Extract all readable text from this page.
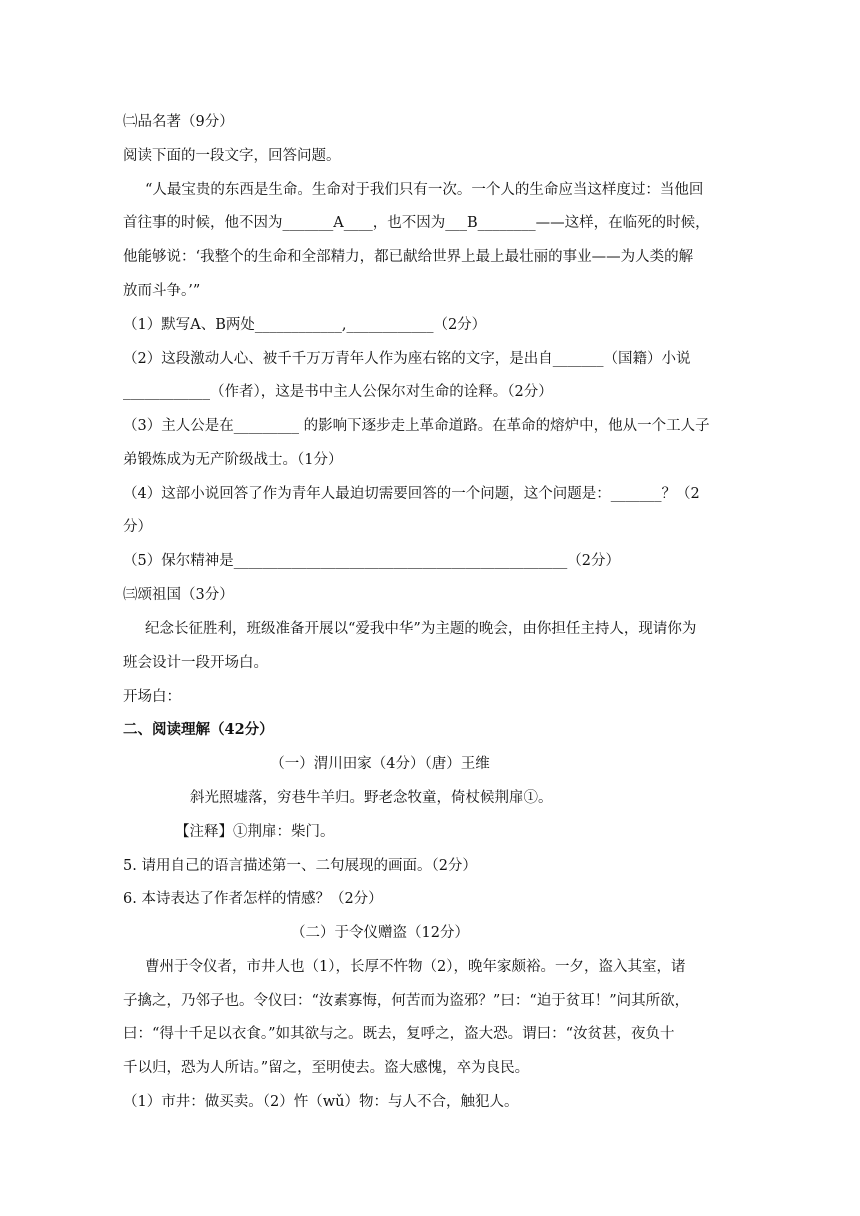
㈡品名著（9分）
阅读下面的一段文字，回答问题。
“人最宝贵的东西是生命。生命对于我们只有一次。一个人的生命应当这样度过：当他回
首往事的时候，他不因为_______A____，也不因为___B________——这样，在临死的时候，
他能够说：‘我整个的生命和全部精力，都已献给世界上最上最壮丽的事业——为人类的解
放而斗争。’”
（1）默写A、B两处____________,____________（2分）
（2）这段激动人心、被千千万万青年人作为座右铭的文字，是出自_______（国籍）小说
____________（作者），这是书中主人公保尔对生命的诠释。（2分）
（3）主人公是在_________ 的影响下逐步走上革命道路。在革命的熔炉中，他从一个工人子
弟锻炼成为无产阶级战士。（1分）
（4）这部小说回答了作为青年人最迫切需要回答的一个问题，这个问题是：_______？（2
分）
（5）保尔精神是______________________________________________（2分）
㈢颂祖国（3分）
纪念长征胜利，班级准备开展以“爱我中华”为主题的晚会，由你担任主持人，现请你为
班会设计一段开场白。
开场白：
二、阅读理解（42分）
（一）渭川田家（4分）（唐）王维
斜光照墟落，穷巷牛羊归。野老念牧童，倚杖候荆扉①。
【注释】①荆扉：柴门。
5. 请用自己的语言描述第一、二句展现的画面。（2分）
6. 本诗表达了作者怎样的情感？（2分）
（二）于令仪赠盗（12分）
曹州于令仪者，市井人也（1），长厚不忤物（2），晚年家颇裕。一夕，盗入其室，诸
子擒之，乃邻子也。令仪曰：“汝素寡悔，何苦而为盗邪？”曰：“迫于贫耳！”问其所欲，
曰：“得十千足以衣食。”如其欲与之。既去，复呼之，盗大恐。谓曰：“汝贫甚，夜负十
千以归，恐为人所诘。”留之，至明使去。盗大感愧，卒为良民。
（1）市井：做买卖。（2）忤（wǔ）物：与人不合，触犯人。
